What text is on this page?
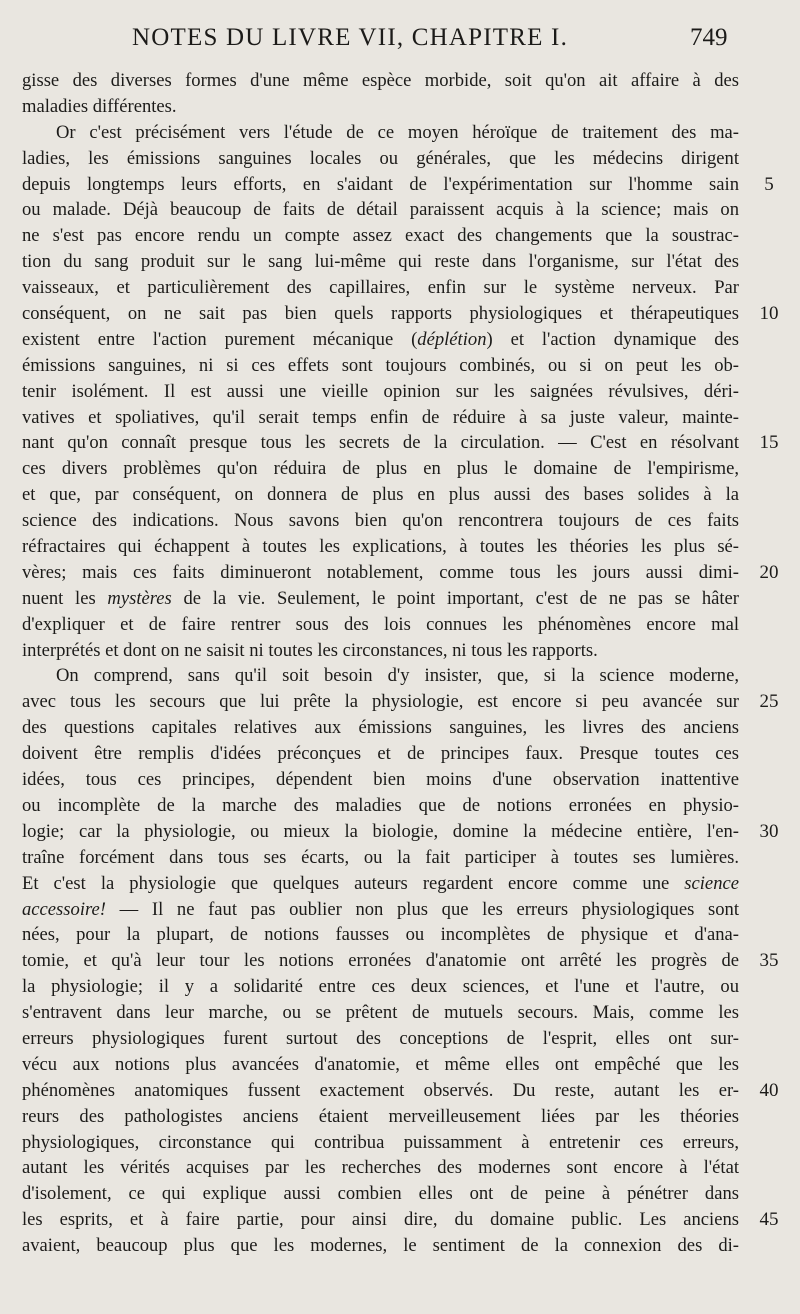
NOTES DU LIVRE VII, CHAPITRE I.	749
gisse des diverses formes d'une même espèce morbide, soit qu'on ait affaire à des
maladies différentes.
Or c'est précisément vers l'étude de ce moyen héroïque de traitement des ma-
ladies, les émissions sanguines locales ou générales, que les médecins dirigent
depuis longtemps leurs efforts, en s'aidant de l'expérimentation sur l'homme sain	5
ou malade. Déjà beaucoup de faits de détail paraissent acquis à la science; mais on
ne s'est pas encore rendu un compte assez exact des changements que la soustrac-
tion du sang produit sur le sang lui-même qui reste dans l'organisme, sur l'état des
vaisseaux, et particulièrement des capillaires, enfin sur le système nerveux. Par
conséquent, on ne sait pas bien quels rapports physiologiques et thérapeutiques	10
existent entre l'action purement mécanique (déplétion) et l'action dynamique des
émissions sanguines, ni si ces effets sont toujours combinés, ou si on peut les ob-
tenir isolément. Il est aussi une vieille opinion sur les saignées révulsives, déri-
vatives et spoliatives, qu'il serait temps enfin de réduire à sa juste valeur, mainte-
nant qu'on connaît presque tous les secrets de la circulation. — C'est en résolvant	15
ces divers problèmes qu'on réduira de plus en plus le domaine de l'empirisme,
et que, par conséquent, on donnera de plus en plus aussi des bases solides à la
science des indications. Nous savons bien qu'on rencontrera toujours de ces faits
réfractaires qui échappent à toutes les explications, à toutes les théories les plus sé-
vères; mais ces faits diminueront notablement, comme tous les jours aussi dimi-	20
nuent les mystères de la vie. Seulement, le point important, c'est de ne pas se hâter
d'expliquer et de faire rentrer sous des lois connues les phénomènes encore mal
interprétés et dont on ne saisit ni toutes les circonstances, ni tous les rapports.
On comprend, sans qu'il soit besoin d'y insister, que, si la science moderne,
avec tous les secours que lui prête la physiologie, est encore si peu avancée sur	25
des questions capitales relatives aux émissions sanguines, les livres des anciens
doivent être remplis d'idées préconçues et de principes faux. Presque toutes ces
idées, tous ces principes, dépendent bien moins d'une observation inattentive
ou incomplète de la marche des maladies que de notions erronées en physio-
logie; car la physiologie, ou mieux la biologie, domine la médecine entière, l'en-	30
traîne forcément dans tous ses écarts, ou la fait participer à toutes ses lumières.
Et c'est la physiologie que quelques auteurs regardent encore comme une science
accessoire! — Il ne faut pas oublier non plus que les erreurs physiologiques sont
nées, pour la plupart, de notions fausses ou incomplètes de physique et d'ana-
tomie, et qu'à leur tour les notions erronées d'anatomie ont arrêté les progrès de	35
la physiologie; il y a solidarité entre ces deux sciences, et l'une et l'autre, ou
s'entravent dans leur marche, ou se prêtent de mutuels secours. Mais, comme les
erreurs physiologiques furent surtout des conceptions de l'esprit, elles ont sur-
vécu aux notions plus avancées d'anatomie, et même elles ont empêché que les
phénomènes anatomiques fussent exactement observés. Du reste, autant les er-	40
reurs des pathologistes anciens étaient merveilleusement liées par les théories
physiologiques, circonstance qui contribua puissamment à entretenir ces erreurs,
autant les vérités acquises par les recherches des modernes sont encore à l'état
d'isolement, ce qui explique aussi combien elles ont de peine à pénétrer dans
les esprits, et à faire partie, pour ainsi dire, du domaine public. Les anciens	45
avaient, beaucoup plus que les modernes, le sentiment de la connexion des di-
